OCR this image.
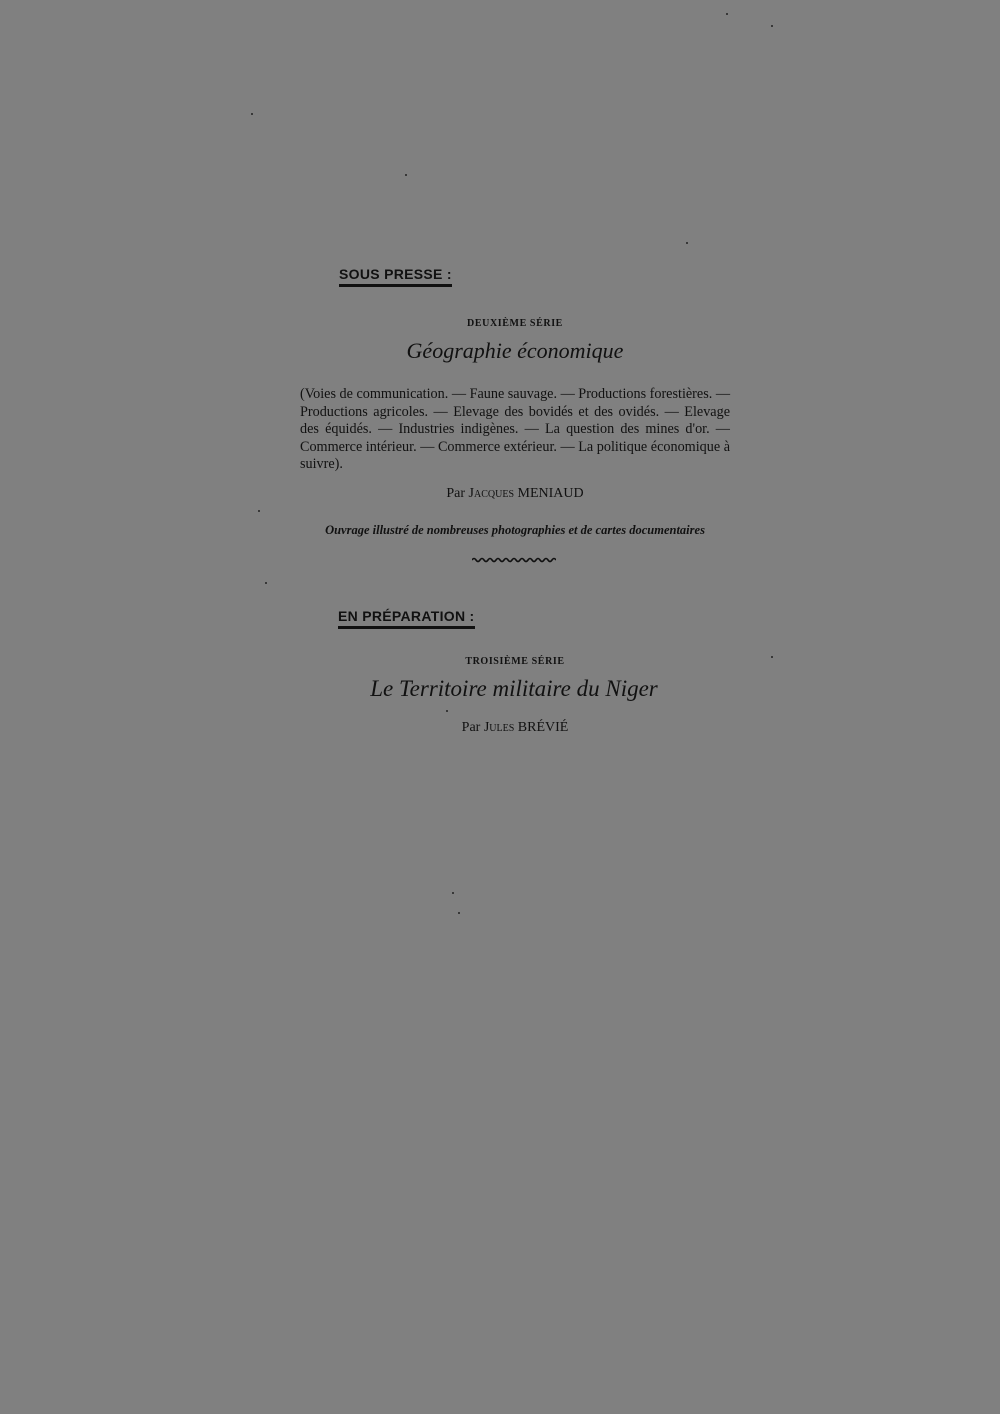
SOUS PRESSE :
DEUXIÈME SÉRIE
Géographie économique
(Voies de communication. — Faune sauvage. — Productions forestières. — Productions agricoles. — Elevage des bovidés et des ovidés. — Elevage des équidés. — Industries indigènes. — La question des mines d'or. — Commerce intérieur. — Commerce extérieur. — La politique économique à suivre).
Par Jacques MENIAUD
Ouvrage illustré de nombreuses photographies et de cartes documentaires
EN PRÉPARATION :
TROISIÈME SÉRIE
Le Territoire militaire du Niger
Par Jules BRÉVIÉ
